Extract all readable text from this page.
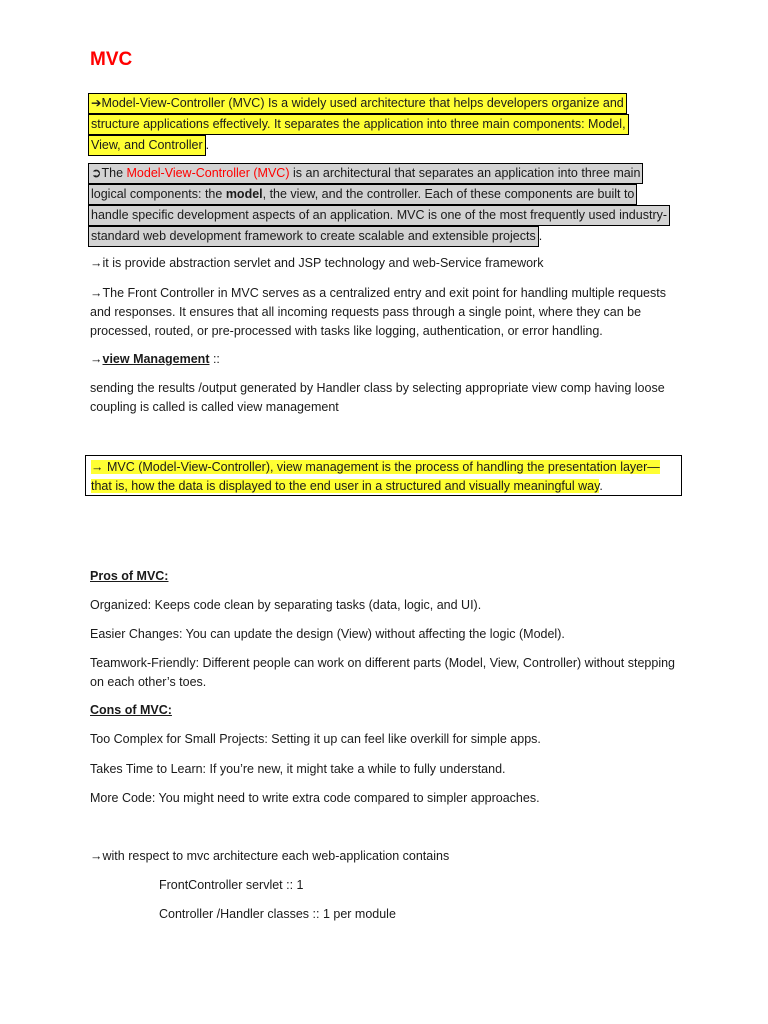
MVC
➔Model-View-Controller (MVC) Is a widely used architecture that helps developers organize and
structure applications effectively. It separates the application into three main components: Model,
View, and Controller .
➲The Model-View-Controller (MVC) is an architectural that separates an application into three main
logical components: the model, the view, and the controller. Each of these components are built to
handle specific development aspects of an application. MVC is one of the most frequently used industry-
standard web development framework to create scalable and extensible projects .
→it is provide abstraction servlet and JSP technology and web-Service framework
→The Front Controller in MVC serves as a centralized entry and exit point for handling multiple requests and responses. It ensures that all incoming requests pass through a single point, where they can be processed, routed, or pre-processed with tasks like logging, authentication, or error handling.
→view Management ::
sending the results /output generated by Handler class by selecting appropriate view comp having loose coupling is called is called view management
→ MVC (Model-View-Controller), view management is the process of handling the presentation layer—
that is, how the data is displayed to the end user in a structured and visually meaningful way.
Pros of MVC:
Organized: Keeps code clean by separating tasks (data, logic, and UI).
Easier Changes: You can update the design (View) without affecting the logic (Model).
Teamwork-Friendly: Different people can work on different parts (Model, View, Controller) without stepping on each other’s toes.
Cons of MVC:
Too Complex for Small Projects: Setting it up can feel like overkill for simple apps.
Takes Time to Learn: If you’re new, it might take a while to fully understand.
More Code: You might need to write extra code compared to simpler approaches.
→with respect to mvc architecture each web-application contains
FrontController servlet :: 1
Controller /Handler classes :: 1 per module
